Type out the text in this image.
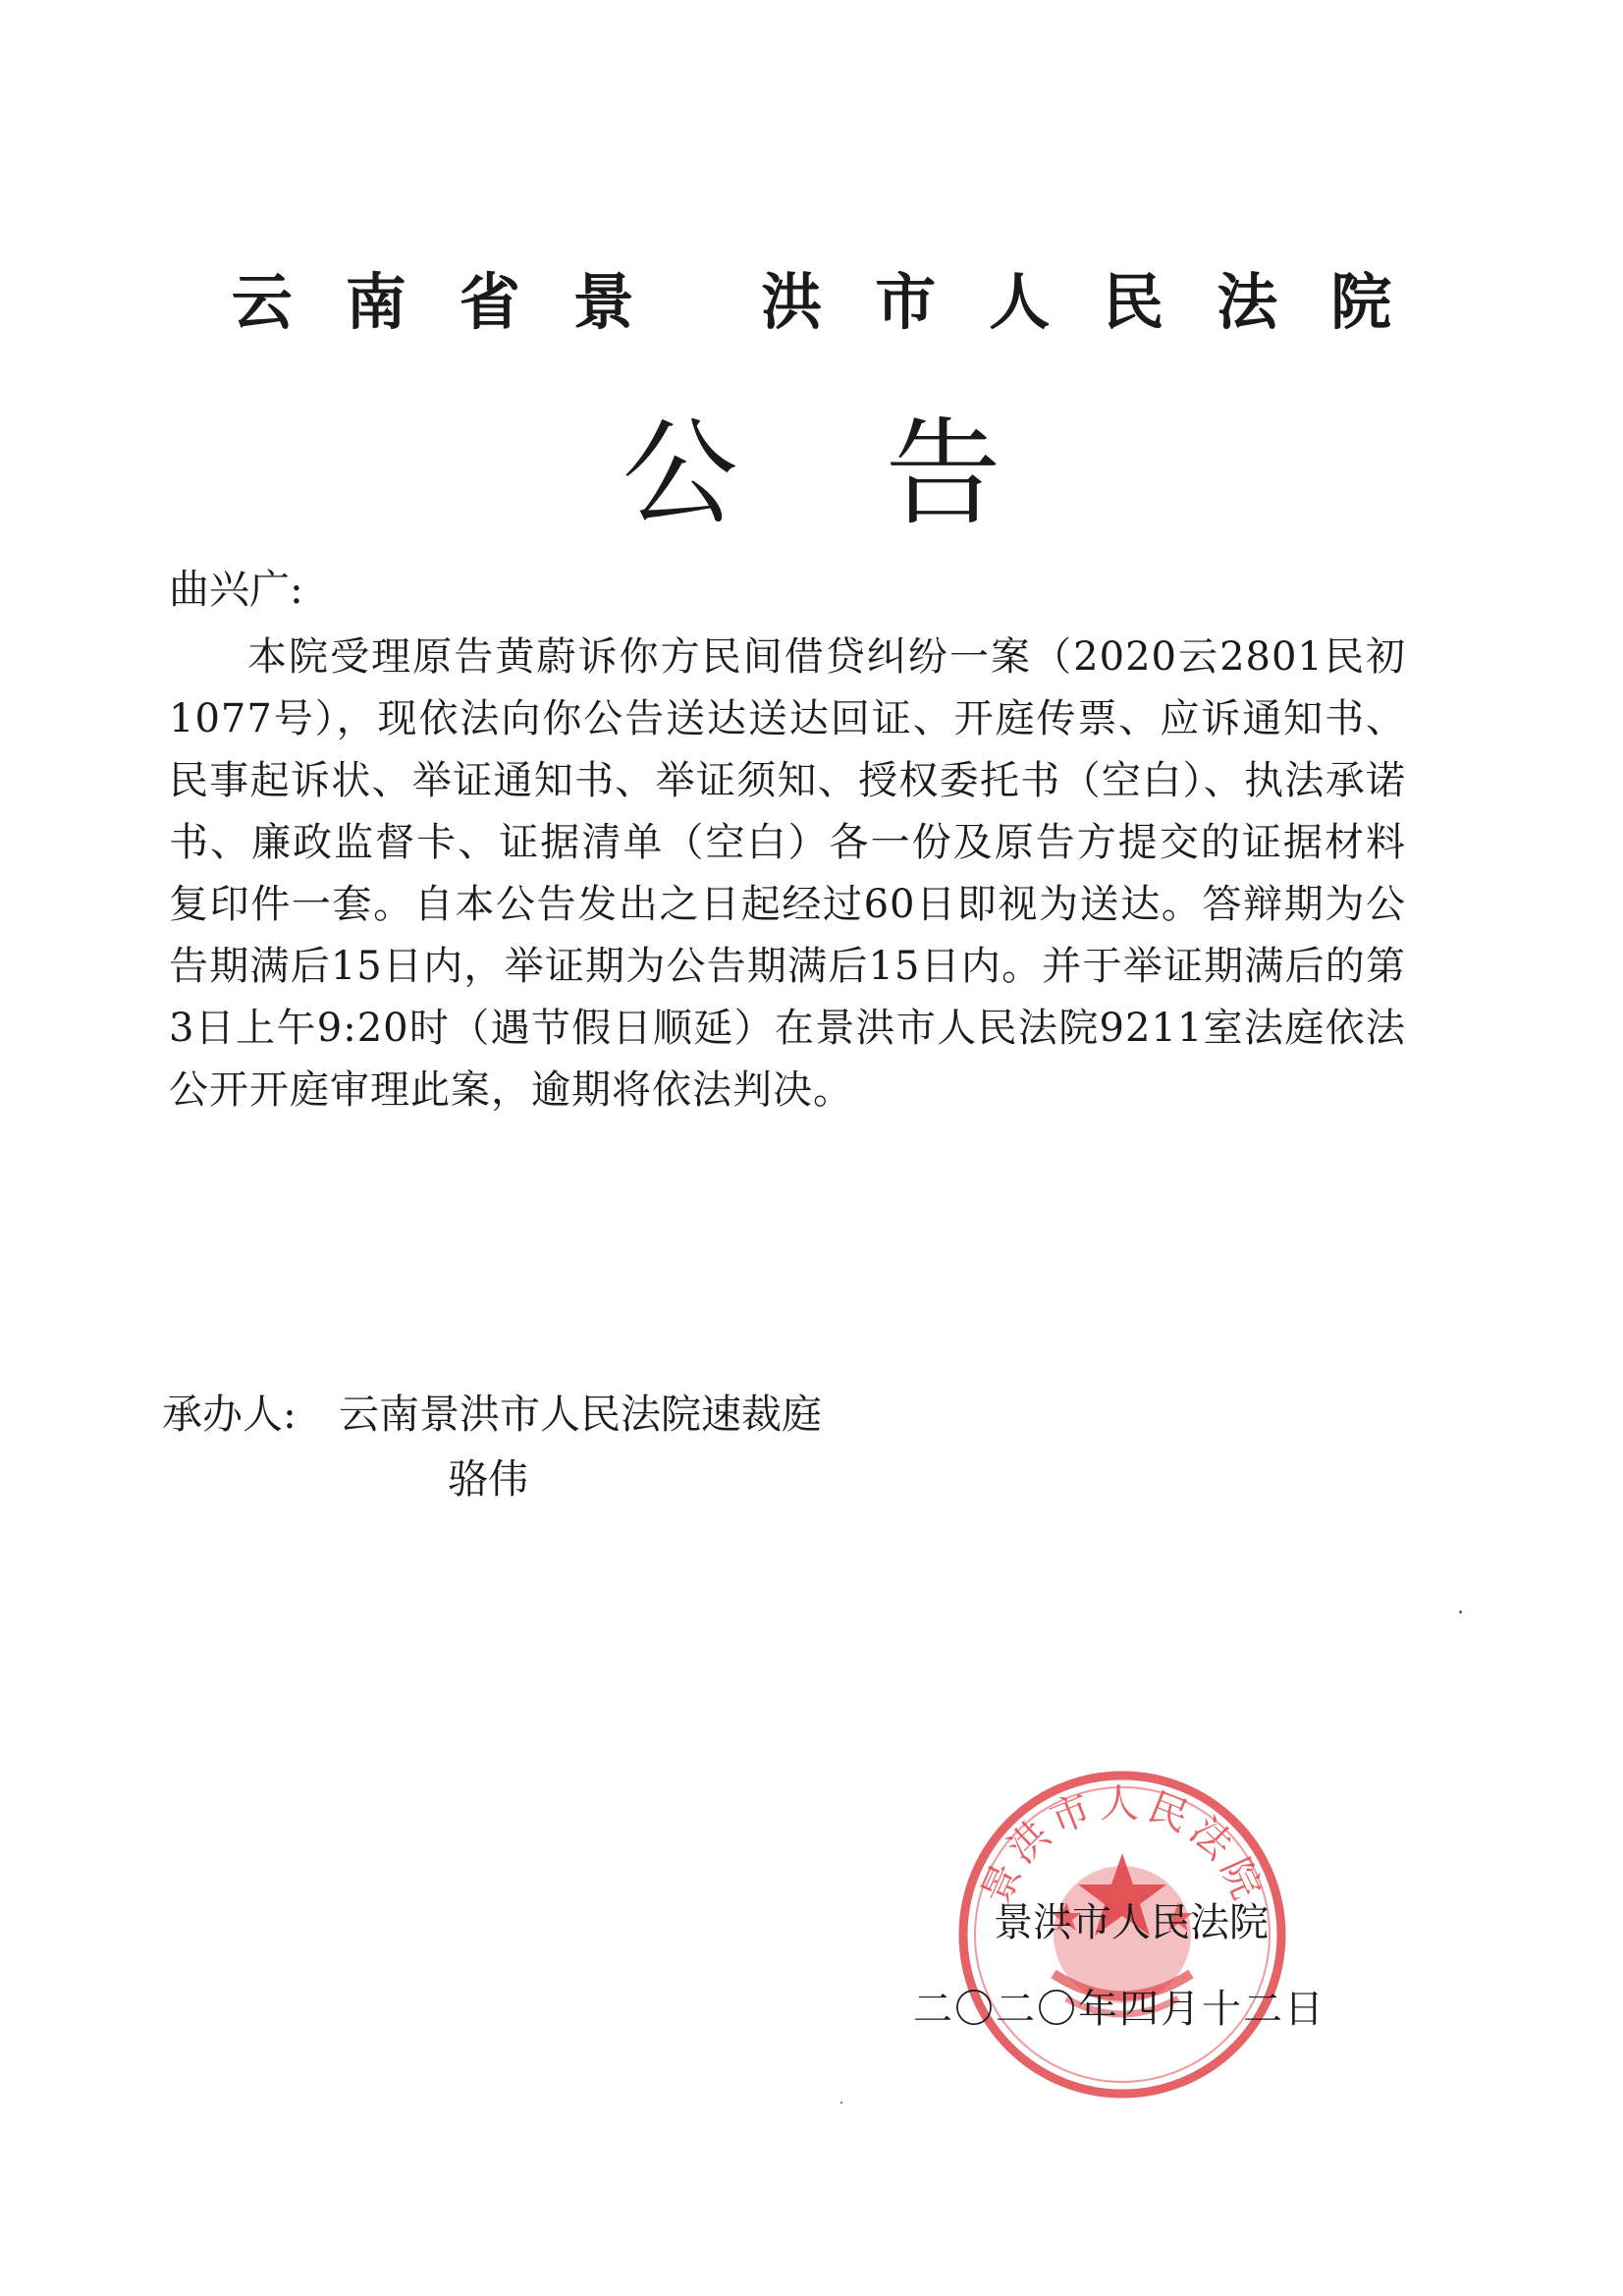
云南省景 洪市人民法院
公告
曲兴广:
本院受理原告黄蔚诉你方民间借贷纠纷一案（2020云2801民初1077号），现依法向你公告送达送达回证、开庭传票、应诉通知书、民事起诉状、举证通知书、举证须知、授权委托书（空白）、执法承诺书、廉政监督卡、证据清单（空白）各一份及原告方提交的证据材料复印件一套。自本公告发出之日起经过60日即视为送达。答辩期为公告期满后15日内，举证期为公告期满后15日内。并于举证期满后的第3日上午9:20时（遇节假日顺延）在景洪市人民法院9211室法庭依法公开开庭审理此案，逾期将依法判决。
承办人: 云南景洪市人民法院速裁庭
骆伟
景洪市人民法院
景洪市人民法院
二〇二〇年四月十二日
